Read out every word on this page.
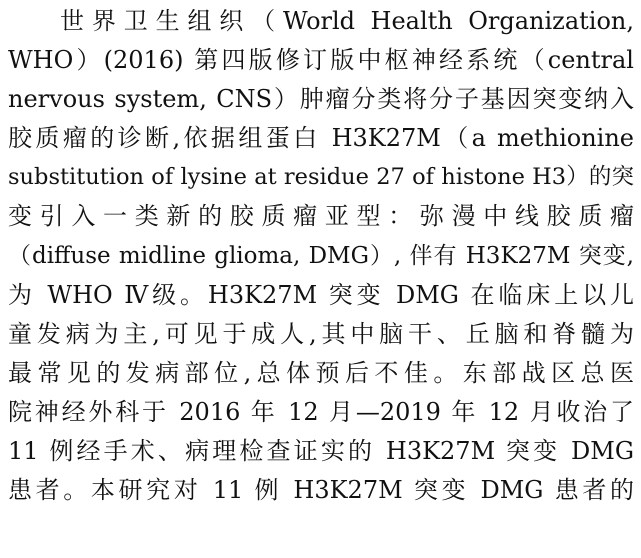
世界卫生组织（World Health Organization,
WHO）(2016) 第四版修订版中枢神经系统（central
nervous system, CNS）肿瘤分类将分子基因突变纳入
胶质瘤的诊断,依据组蛋白 H3K27M（a methionine
substitution of lysine at residue 27 of histone H3）的突
变引入一类新的胶质瘤亚型：弥漫中线胶质瘤
（diffuse midline glioma, DMG）, 伴有 H3K27M 突变,
为 WHO Ⅳ级。H3K27M 突变 DMG 在临床上以儿
童发病为主,可见于成人,其中脑干、丘脑和脊髓为
最常见的发病部位,总体预后不佳。东部战区总医
院神经外科于 2016 年 12 月—2019 年 12 月收治了
11 例经手术、病理检查证实的 H3K27M 突变 DMG
患者。本研究对 11 例 H3K27M 突变 DMG 患者的
